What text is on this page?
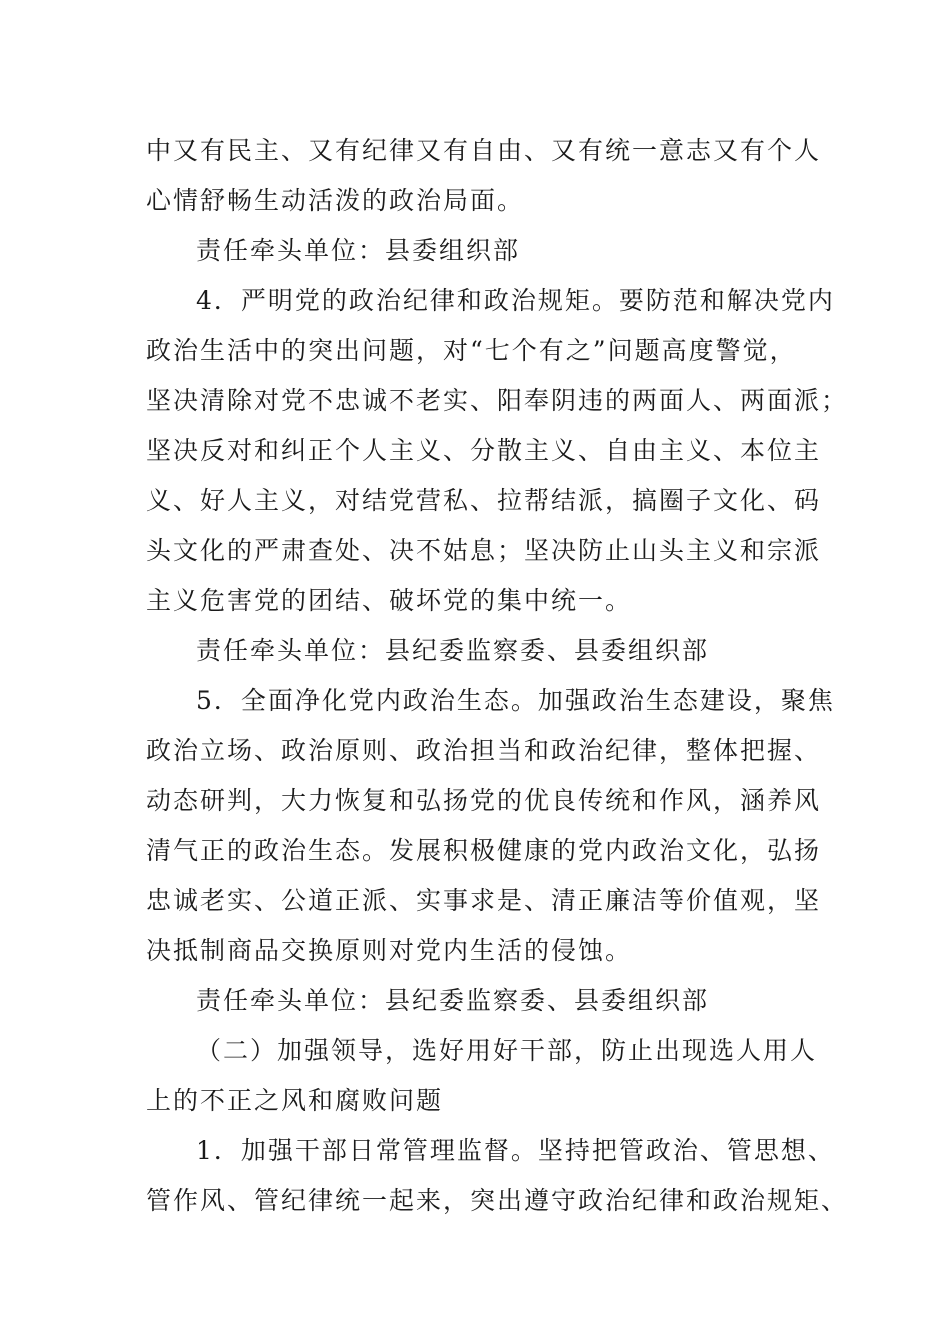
中又有民主、又有纪律又有自由、又有统一意志又有个人
心情舒畅生动活泼的政治局面。
责任牵头单位：县委组织部
4．严明党的政治纪律和政治规矩。要防范和解决党内
政治生活中的突出问题，对“七个有之”问题高度警觉，
坚决清除对党不忠诚不老实、阳奉阴违的两面人、两面派；
坚决反对和纠正个人主义、分散主义、自由主义、本位主
义、好人主义，对结党营私、拉帮结派，搞圈子文化、码
头文化的严肃查处、决不姑息；坚决防止山头主义和宗派
主义危害党的团结、破坏党的集中统一。
责任牵头单位：县纪委监察委、县委组织部
5．全面净化党内政治生态。加强政治生态建设，聚焦
政治立场、政治原则、政治担当和政治纪律，整体把握、
动态研判，大力恢复和弘扬党的优良传统和作风，涵养风
清气正的政治生态。发展积极健康的党内政治文化，弘扬
忠诚老实、公道正派、实事求是、清正廉洁等价值观，坚
决抵制商品交换原则对党内生活的侵蚀。
责任牵头单位：县纪委监察委、县委组织部
（二）加强领导，选好用好干部，防止出现选人用人
上的不正之风和腐败问题
1．加强干部日常管理监督。坚持把管政治、管思想、
管作风、管纪律统一起来，突出遵守政治纪律和政治规矩、
